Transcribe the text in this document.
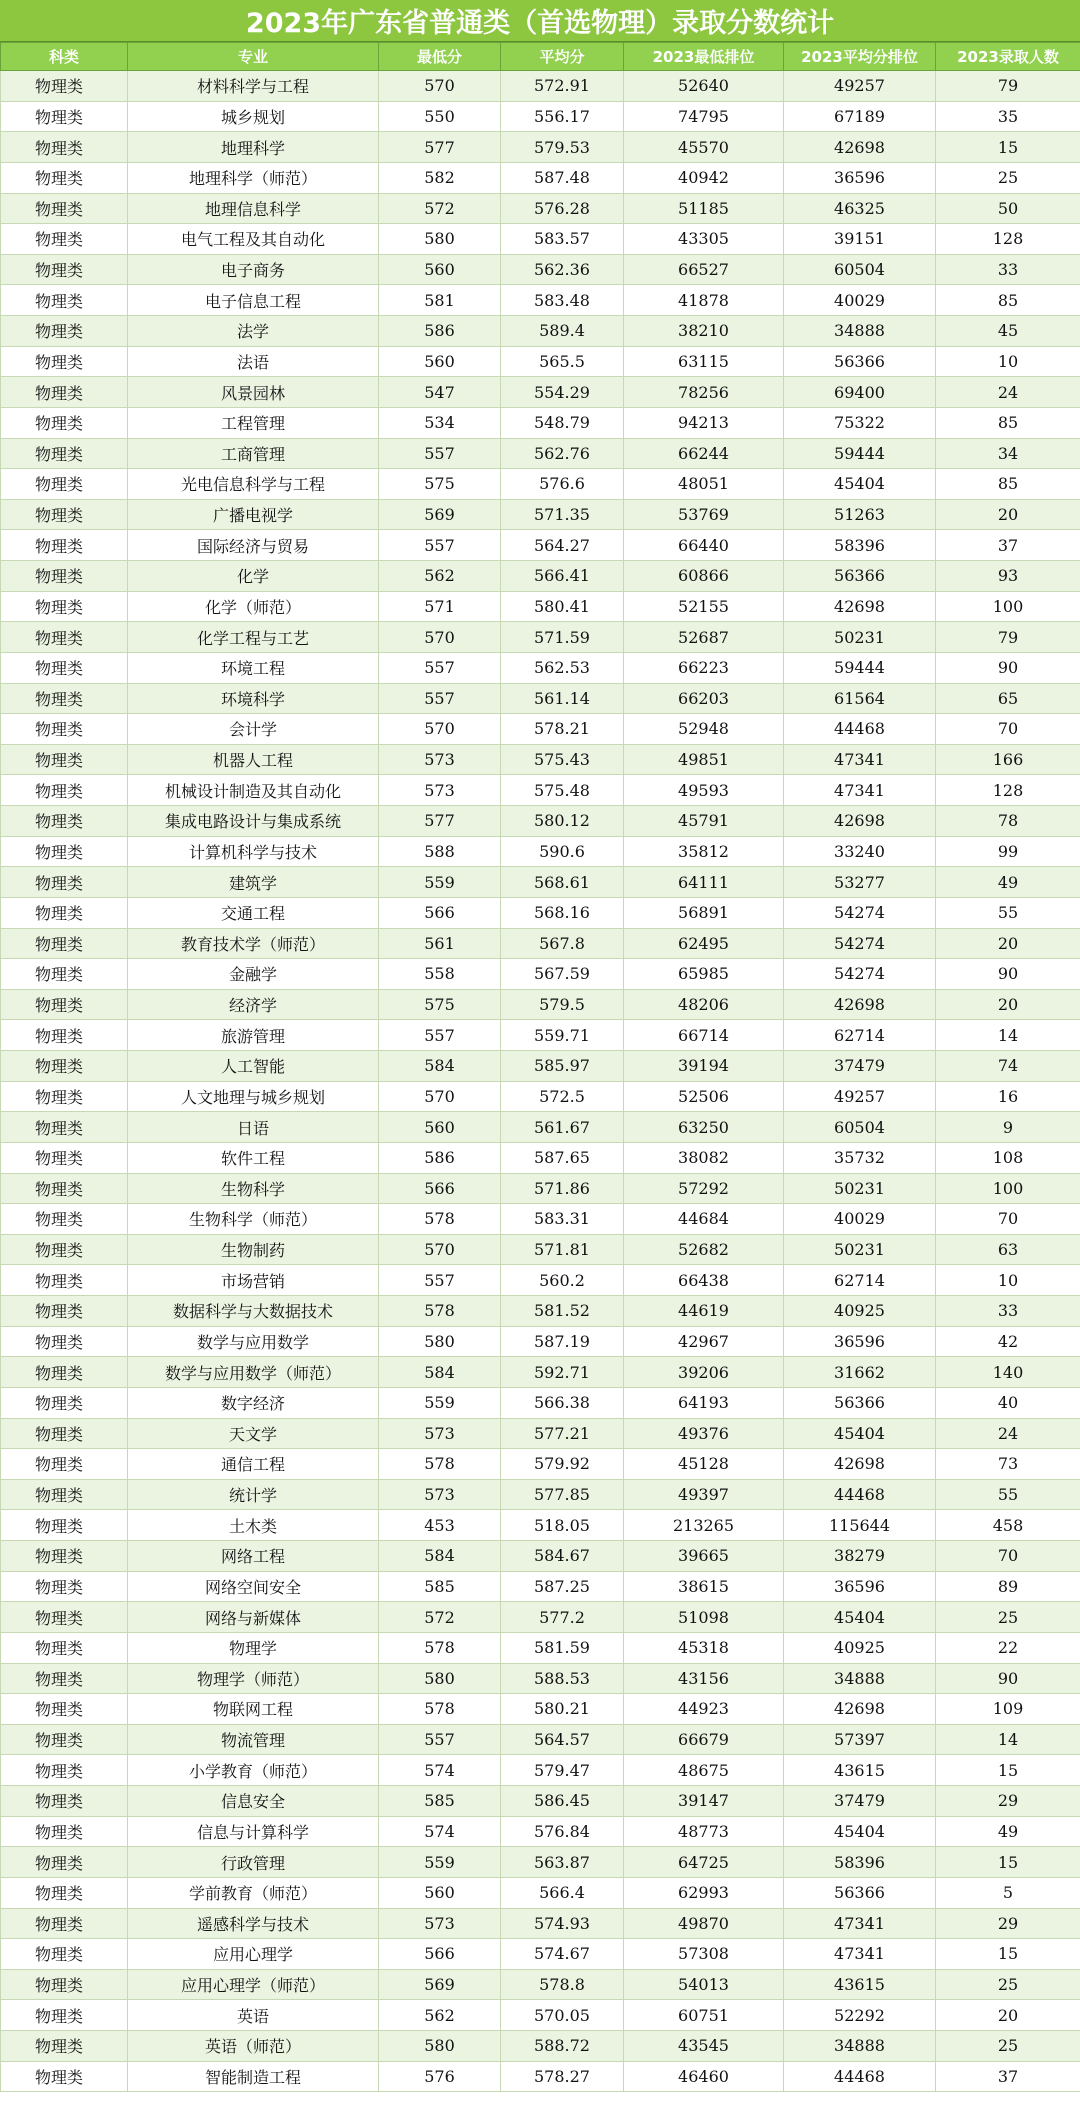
2023年广东省普通类（首选物理）录取分数统计
科类	专业	最低分	平均分	2023最低排位	2023平均分排位	2023录取人数
物理类	材料科学与工程	570	572.91	52640	49257	79
物理类	城乡规划	550	556.17	74795	67189	35
物理类	地理科学	577	579.53	45570	42698	15
物理类	地理科学（师范）	582	587.48	40942	36596	25
物理类	地理信息科学	572	576.28	51185	46325	50
物理类	电气工程及其自动化	580	583.57	43305	39151	128
物理类	电子商务	560	562.36	66527	60504	33
物理类	电子信息工程	581	583.48	41878	40029	85
物理类	法学	586	589.4	38210	34888	45
物理类	法语	560	565.5	63115	56366	10
物理类	风景园林	547	554.29	78256	69400	24
物理类	工程管理	534	548.79	94213	75322	85
物理类	工商管理	557	562.76	66244	59444	34
物理类	光电信息科学与工程	575	576.6	48051	45404	85
物理类	广播电视学	569	571.35	53769	51263	20
物理类	国际经济与贸易	557	564.27	66440	58396	37
物理类	化学	562	566.41	60866	56366	93
物理类	化学（师范）	571	580.41	52155	42698	100
物理类	化学工程与工艺	570	571.59	52687	50231	79
物理类	环境工程	557	562.53	66223	59444	90
物理类	环境科学	557	561.14	66203	61564	65
物理类	会计学	570	578.21	52948	44468	70
物理类	机器人工程	573	575.43	49851	47341	166
物理类	机械设计制造及其自动化	573	575.48	49593	47341	128
物理类	集成电路设计与集成系统	577	580.12	45791	42698	78
物理类	计算机科学与技术	588	590.6	35812	33240	99
物理类	建筑学	559	568.61	64111	53277	49
物理类	交通工程	566	568.16	56891	54274	55
物理类	教育技术学（师范）	561	567.8	62495	54274	20
物理类	金融学	558	567.59	65985	54274	90
物理类	经济学	575	579.5	48206	42698	20
物理类	旅游管理	557	559.71	66714	62714	14
物理类	人工智能	584	585.97	39194	37479	74
物理类	人文地理与城乡规划	570	572.5	52506	49257	16
物理类	日语	560	561.67	63250	60504	9
物理类	软件工程	586	587.65	38082	35732	108
物理类	生物科学	566	571.86	57292	50231	100
物理类	生物科学（师范）	578	583.31	44684	40029	70
物理类	生物制药	570	571.81	52682	50231	63
物理类	市场营销	557	560.2	66438	62714	10
物理类	数据科学与大数据技术	578	581.52	44619	40925	33
物理类	数学与应用数学	580	587.19	42967	36596	42
物理类	数学与应用数学（师范）	584	592.71	39206	31662	140
物理类	数字经济	559	566.38	64193	56366	40
物理类	天文学	573	577.21	49376	45404	24
物理类	通信工程	578	579.92	45128	42698	73
物理类	统计学	573	577.85	49397	44468	55
物理类	土木类	453	518.05	213265	115644	458
物理类	网络工程	584	584.67	39665	38279	70
物理类	网络空间安全	585	587.25	38615	36596	89
物理类	网络与新媒体	572	577.2	51098	45404	25
物理类	物理学	578	581.59	45318	40925	22
物理类	物理学（师范）	580	588.53	43156	34888	90
物理类	物联网工程	578	580.21	44923	42698	109
物理类	物流管理	557	564.57	66679	57397	14
物理类	小学教育（师范）	574	579.47	48675	43615	15
物理类	信息安全	585	586.45	39147	37479	29
物理类	信息与计算科学	574	576.84	48773	45404	49
物理类	行政管理	559	563.87	64725	58396	15
物理类	学前教育（师范）	560	566.4	62993	56366	5
物理类	遥感科学与技术	573	574.93	49870	47341	29
物理类	应用心理学	566	574.67	57308	47341	15
物理类	应用心理学（师范）	569	578.8	54013	43615	25
物理类	英语	562	570.05	60751	52292	20
物理类	英语（师范）	580	588.72	43545	34888	25
物理类	智能制造工程	576	578.27	46460	44468	37
